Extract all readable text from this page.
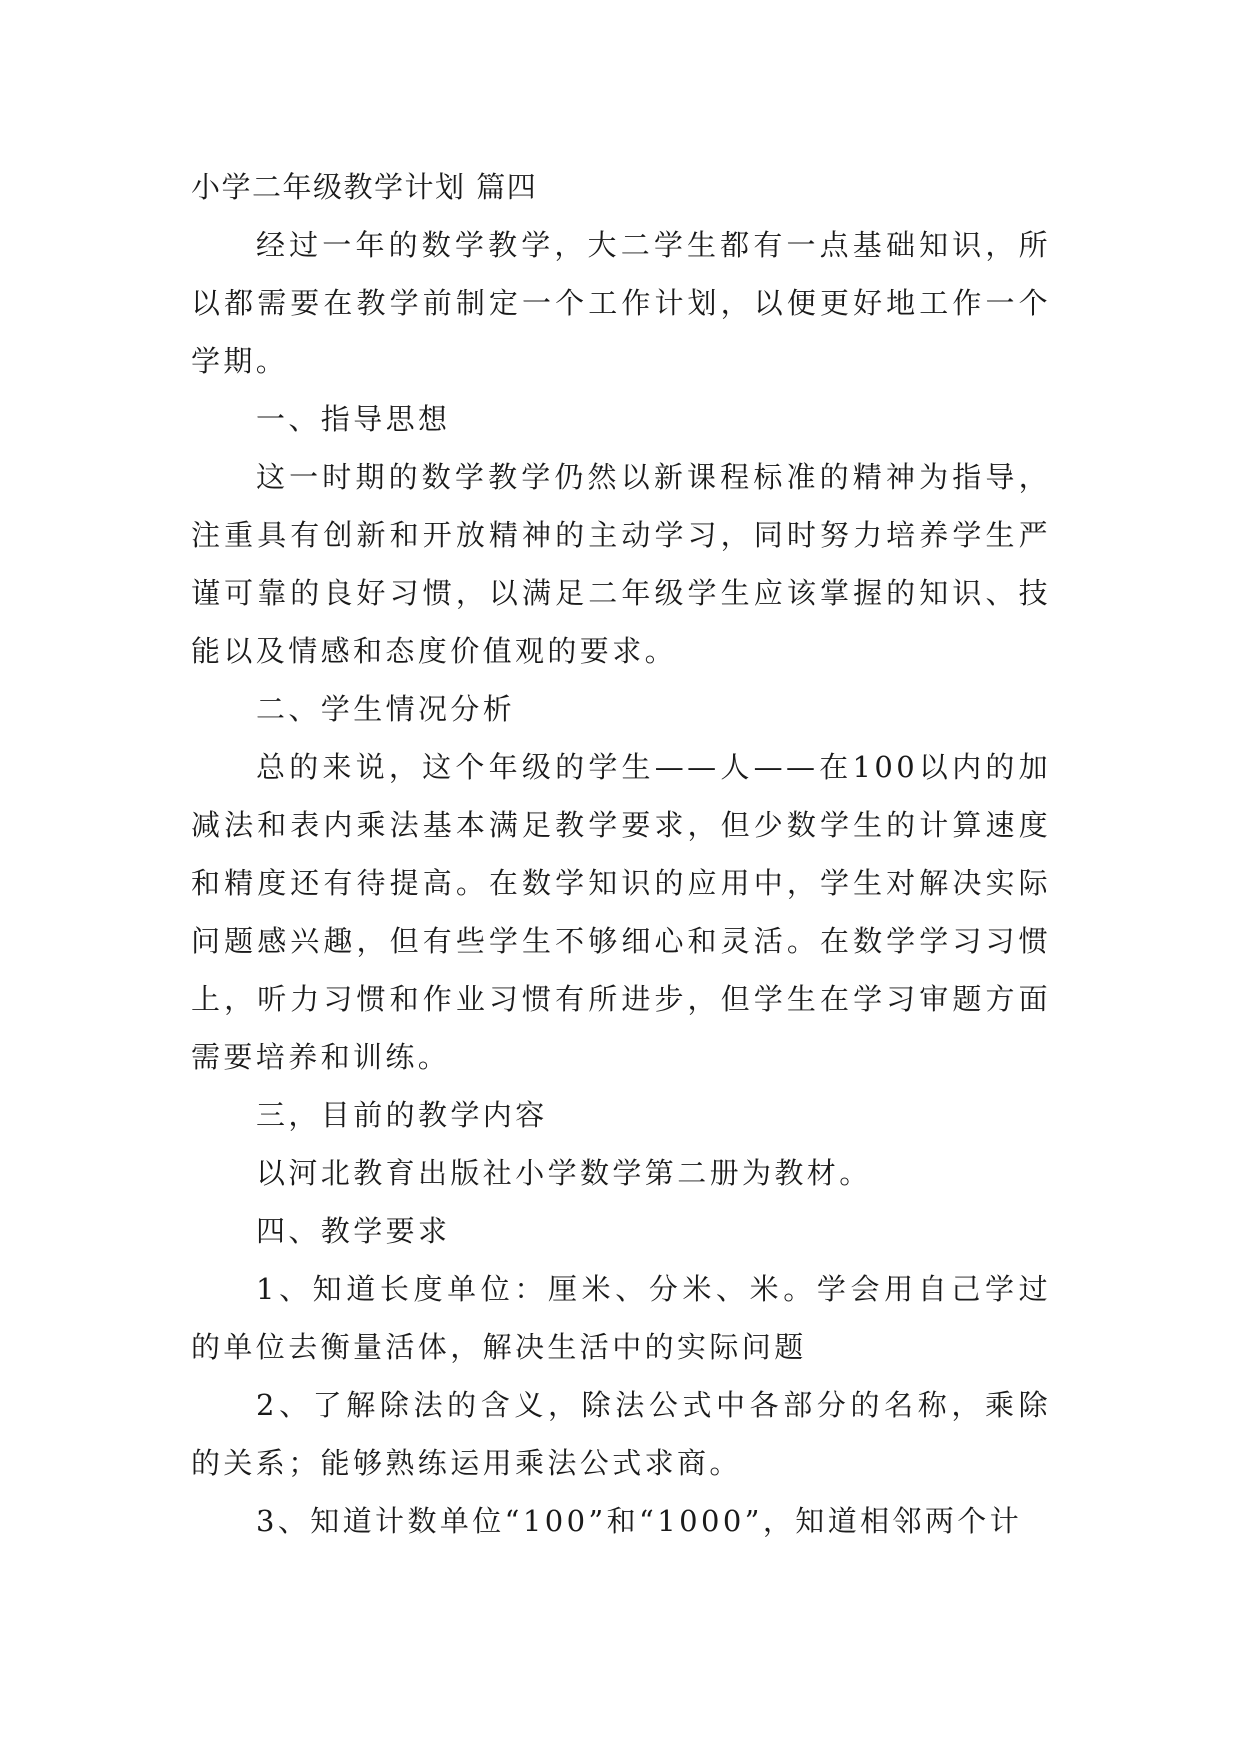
小学二年级教学计划 篇四

经过一年的数学教学，大二学生都有一点基础知识，所以都需要在教学前制定一个工作计划，以便更好地工作一个学期。

一、指导思想

这一时期的数学教学仍然以新课程标准的精神为指导，注重具有创新和开放精神的主动学习，同时努力培养学生严谨可靠的良好习惯，以满足二年级学生应该掌握的知识、技能以及情感和态度价值观的要求。

二、学生情况分析

总的来说，这个年级的学生——人——在100以内的加减法和表内乘法基本满足教学要求，但少数学生的计算速度和精度还有待提高。在数学知识的应用中，学生对解决实际问题感兴趣，但有些学生不够细心和灵活。在数学学习习惯上，听力习惯和作业习惯有所进步，但学生在学习审题方面需要培养和训练。

三，目前的教学内容

以河北教育出版社小学数学第二册为教材。

四、教学要求

1、知道长度单位：厘米、分米、米。学会用自己学过的单位去衡量活体，解决生活中的实际问题

2、了解除法的含义，除法公式中各部分的名称，乘除的关系；能够熟练运用乘法公式求商。

3、知道计数单位“100”和“1000”，知道相邻两个计
